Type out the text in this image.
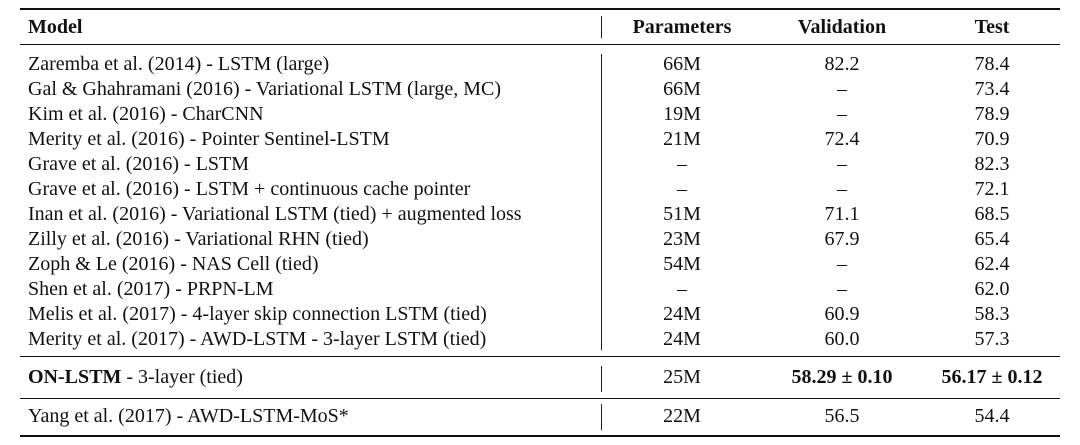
Model	Parameters	Validation	Test
Zaremba et al. (2014) - LSTM (large)	66M	82.2	78.4
Gal & Ghahramani (2016) - Variational LSTM (large, MC)	66M	–	73.4
Kim et al. (2016) - CharCNN	19M	–	78.9
Merity et al. (2016) - Pointer Sentinel-LSTM	21M	72.4	70.9
Grave et al. (2016) - LSTM	–	–	82.3
Grave et al. (2016) - LSTM + continuous cache pointer	–	–	72.1
Inan et al. (2016) - Variational LSTM (tied) + augmented loss	51M	71.1	68.5
Zilly et al. (2016) - Variational RHN (tied)	23M	67.9	65.4
Zoph & Le (2016) - NAS Cell (tied)	54M	–	62.4
Shen et al. (2017) - PRPN-LM	–	–	62.0
Melis et al. (2017) - 4-layer skip connection LSTM (tied)	24M	60.9	58.3
Merity et al. (2017) - AWD-LSTM - 3-layer LSTM (tied)	24M	60.0	57.3
ON-LSTM - 3-layer (tied)	25M	58.29 ± 0.10	56.17 ± 0.12
Yang et al. (2017) - AWD-LSTM-MoS*	22M	56.5	54.4
